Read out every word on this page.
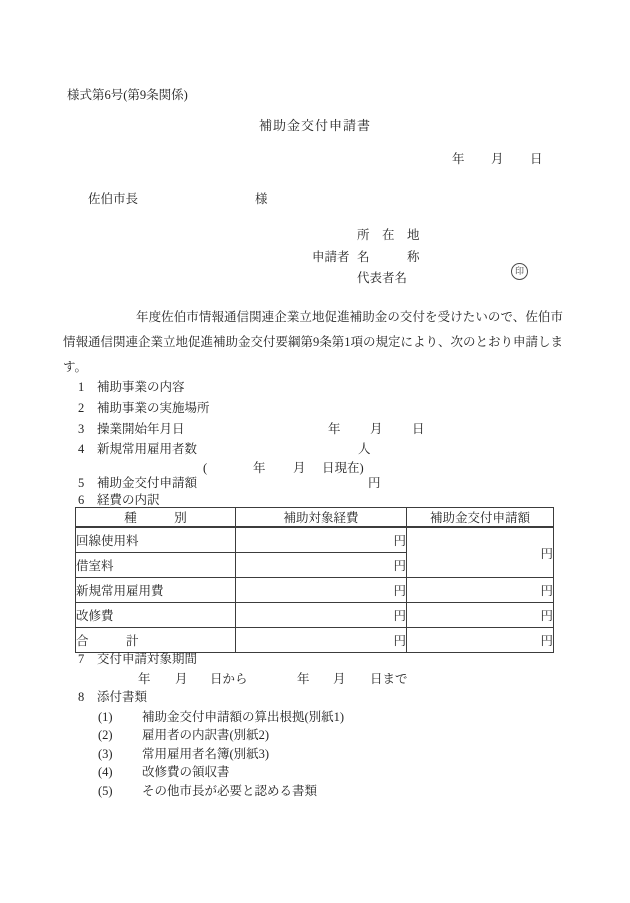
様式第6号(第9条関係)
補助金交付申請書
年 月 日
佐伯市長	様
申請者
所　在　地
名　　　称
代表者名	印
年度佐伯市情報通信関連企業立地促進補助金の交付を受けたいので、佐伯市情報通信関連企業立地促進補助金交付要綱第9条第1項の規定により、次のとおり申請します。
1 補助事業の内容
2 補助事業の実施場所
3 操業開始年月日	年 月 日
4 新規常用雇用者数	人
(	年 月 日現在)
5 補助金交付申請額	円
6 経費の内訳
種　　　別	補助対象経費	補助金交付申請額
回線使用料	円	円
借室料	円	
新規常用雇用費	円	円
改修費	円	円
合　　　計	円	円
7 交付申請対象期間
年 月 日から	年 月 日まで
8 添付書類
(1) 補助金交付申請額の算出根拠(別紙1)
(2) 雇用者の内訳書(別紙2)
(3) 常用雇用者名簿(別紙3)
(4) 改修費の領収書
(5) その他市長が必要と認める書類
